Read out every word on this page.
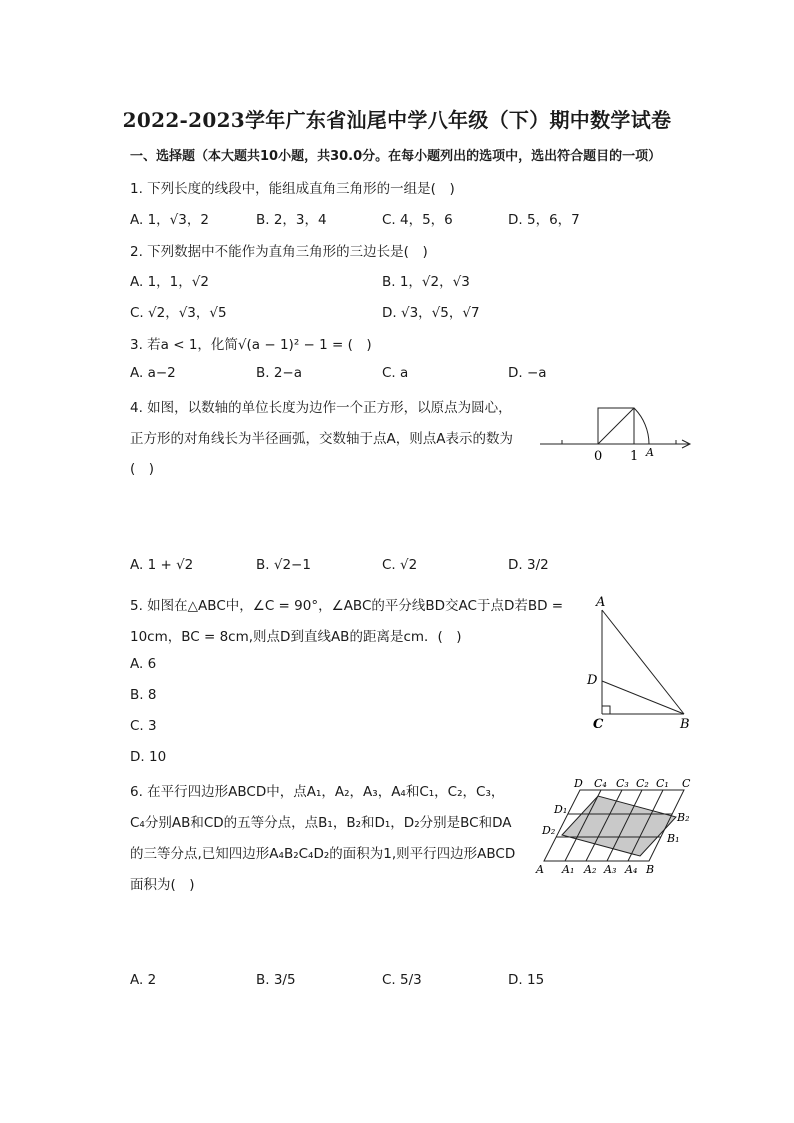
2022-2023学年广东省汕尾中学八年级（下）期中数学试卷
一、选择题（本大题共10小题，共30.0分。在每小题列出的选项中，选出符合题目的一项）
1. 下列长度的线段中，能组成直角三角形的一组是(　)
A. 1，√3，2	B. 2，3，4	C. 4，5，6	D. 5，6，7
2. 下列数据中不能作为直角三角形的三边长是(　)
A. 1，1，√2	B. 1，√2，√3
C. √2，√3，√5	D. √3，√5，√7
3. 若a < 1，化简√(a − 1)² − 1 = (　)
A. a−2	B. 2−a	C. a	D. −a
4. 如图，以数轴的单位长度为边作一个正方形，以原点为圆心，
正方形的对角线长为半径画弧，交数轴于点A，则点A表示的数为
(　)
0 1 A
A. 1 + √2	B. √2−1	C. √2	D. 3/2
5. 如图在△ABC中，∠C = 90°，∠ABC的平分线BD交AC于点D若BD =
10cm，BC = 8cm,则点D到直线AB的距离是cm．(　)
A. 6
B. 8
C. 3
D. 10
A
D
C	B
6. 在平行四边形ABCD中，点A₁，A₂，A₃，A₄和C₁，C₂，C₃，
C₄分别AB和CD的五等分点，点B₁，B₂和D₁，D₂分别是BC和DA
的三等分点,已知四边形A₄B₂C₄D₂的面积为1,则平行四边形ABCD
面积为(　)
D C₄ C₃ C₂ C₁ C
D₁
D₂
B₂
B₁
A A₁ A₂ A₃ A₄ B
A. 2	B. 3/5	C. 5/3	D. 15
